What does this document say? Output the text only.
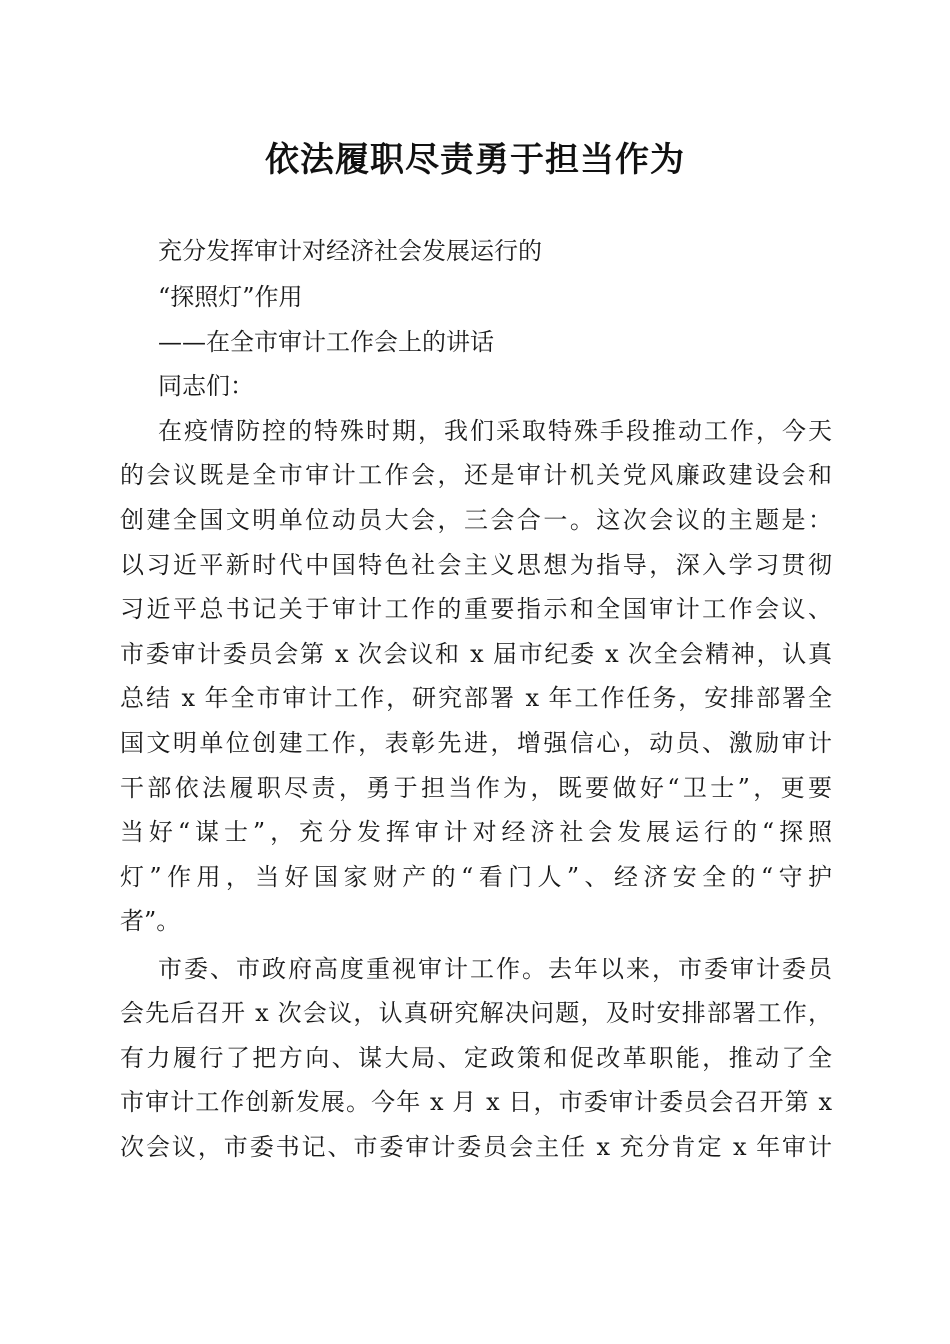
依法履职尽责勇于担当作为
充分发挥审计对经济社会发展运行的
“探照灯”作用
——在全市审计工作会上的讲话
同志们：
在疫情防控的特殊时期，我们采取特殊手段推动工作，今天
的会议既是全市审计工作会，还是审计机关党风廉政建设会和
创建全国文明单位动员大会，三会合一。这次会议的主题是：
以习近平新时代中国特色社会主义思想为指导，深入学习贯彻
习近平总书记关于审计工作的重要指示和全国审计工作会议、
市委审计委员会第 x 次会议和 x 届市纪委 x 次全会精神，认真
总结 x 年全市审计工作，研究部署 x 年工作任务，安排部署全
国文明单位创建工作，表彰先进，增强信心，动员、激励审计
干部依法履职尽责，勇于担当作为，既要做好“卫士”，更要
当好“谋士”，充分发挥审计对经济社会发展运行的“探照
灯”作用，当好国家财产的“看门人”、经济安全的“守护
者”。
市委、市政府高度重视审计工作。去年以来，市委审计委员
会先后召开 x 次会议，认真研究解决问题，及时安排部署工作，
有力履行了把方向、谋大局、定政策和促改革职能，推动了全
市审计工作创新发展。今年 x 月 x 日，市委审计委员会召开第 x
次会议，市委书记、市委审计委员会主任 x 充分肯定 x 年审计
